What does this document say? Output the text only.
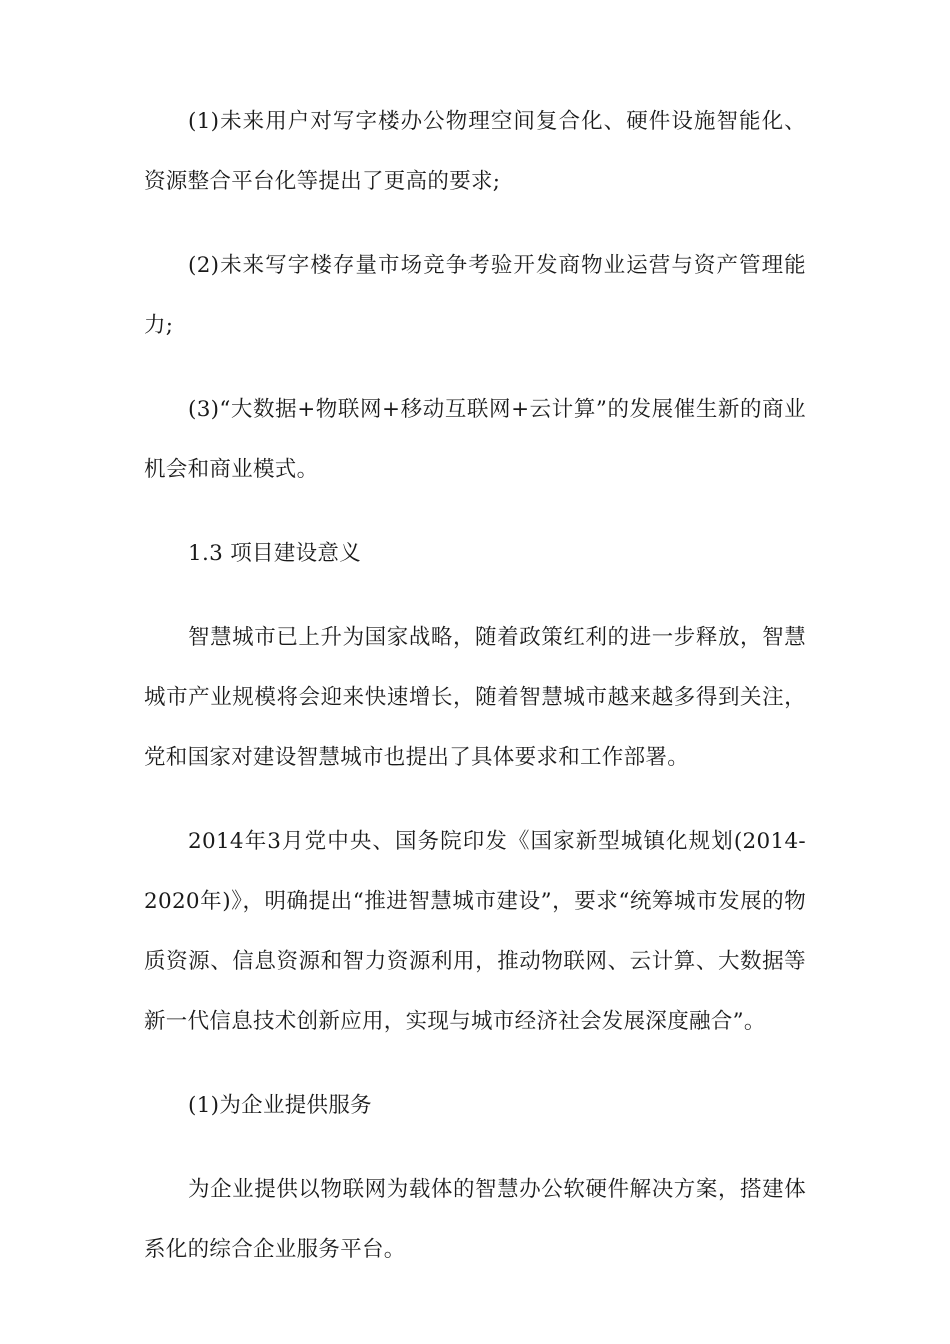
(1)未来用户对写字楼办公物理空间复合化、硬件设施智能化、资源整合平台化等提出了更高的要求;

(2)未来写字楼存量市场竞争考验开发商物业运营与资产管理能力;

(3)“大数据+物联网+移动互联网+云计算”的发展催生新的商业机会和商业模式。

1.3 项目建设意义

智慧城市已上升为国家战略，随着政策红利的进一步释放，智慧城市产业规模将会迎来快速增长，随着智慧城市越来越多得到关注，党和国家对建设智慧城市也提出了具体要求和工作部署。

2014年3月党中央、国务院印发《国家新型城镇化规划(2014-2020年)》，明确提出“推进智慧城市建设”，要求“统筹城市发展的物质资源、信息资源和智力资源利用，推动物联网、云计算、大数据等新一代信息技术创新应用，实现与城市经济社会发展深度融合”。

(1)为企业提供服务

为企业提供以物联网为载体的智慧办公软硬件解决方案，搭建体系化的综合企业服务平台。
